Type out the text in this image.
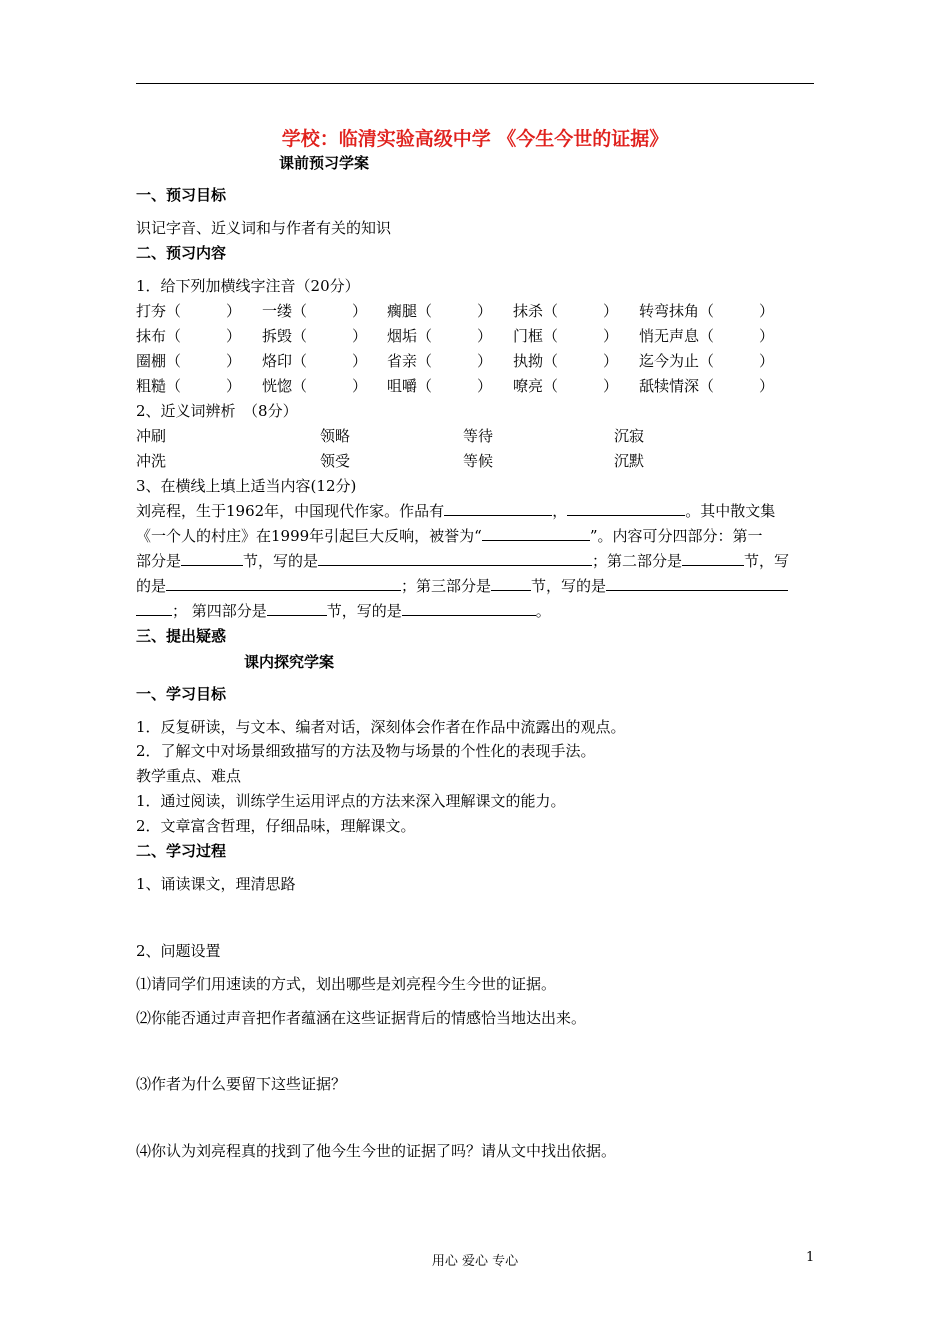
学校：临清实验高级中学 《今生今世的证据》
课前预习学案
一、预习目标
识记字音、近义词和与作者有关的知识
二、预习内容
1．给下列加横线字注音（20分）
打夯（　　　） 一缕（　　　） 瘸腿（　　　） 抹杀（　　　） 转弯抹角（　　　）
抹布（　　　） 拆毁（　　　） 烟垢（　　　） 门框（　　　） 悄无声息（　　　）
圈棚（　　　） 烙印（　　　） 省亲（　　　） 执拗（　　　） 迄今为止（　　　）
粗糙（　　　） 恍惚（　　　） 咀嚼（　　　） 嘹亮（　　　） 舐犊情深（　　　）
2、近义词辨析　（8分）
冲刷	领略	等待	沉寂
冲洗	领受	等候	沉默
3、在横线上填上适当内容(12分)
刘亮程，生于1962年，中国现代作家。作品有	，	。其中散文集
《一个人的村庄》在1999年引起巨大反响，被誉为“	”。内容可分四部分：第一
部分是	节，写的是	；第二部分是	节，写
的是	；第三部分是	节，写的是
； 第四部分是	节，写的是	。
三、提出疑惑
课内探究学案
一、学习目标
1．反复研读，与文本、编者对话，深刻体会作者在作品中流露出的观点。
2．了解文中对场景细致描写的方法及物与场景的个性化的表现手法。
教学重点、难点
1．通过阅读，训练学生运用评点的方法来深入理解课文的能力。
2．文章富含哲理，仔细品味，理解课文。
二、学习过程
1、诵读课文，理清思路
2、问题设置
⑴请同学们用速读的方式，划出哪些是刘亮程今生今世的证据。
⑵你能否通过声音把作者蕴涵在这些证据背后的情感恰当地达出来。
⑶作者为什么要留下这些证据？
⑷你认为刘亮程真的找到了他今生今世的证据了吗？请从文中找出依据。
用心 爱心 专心	1
